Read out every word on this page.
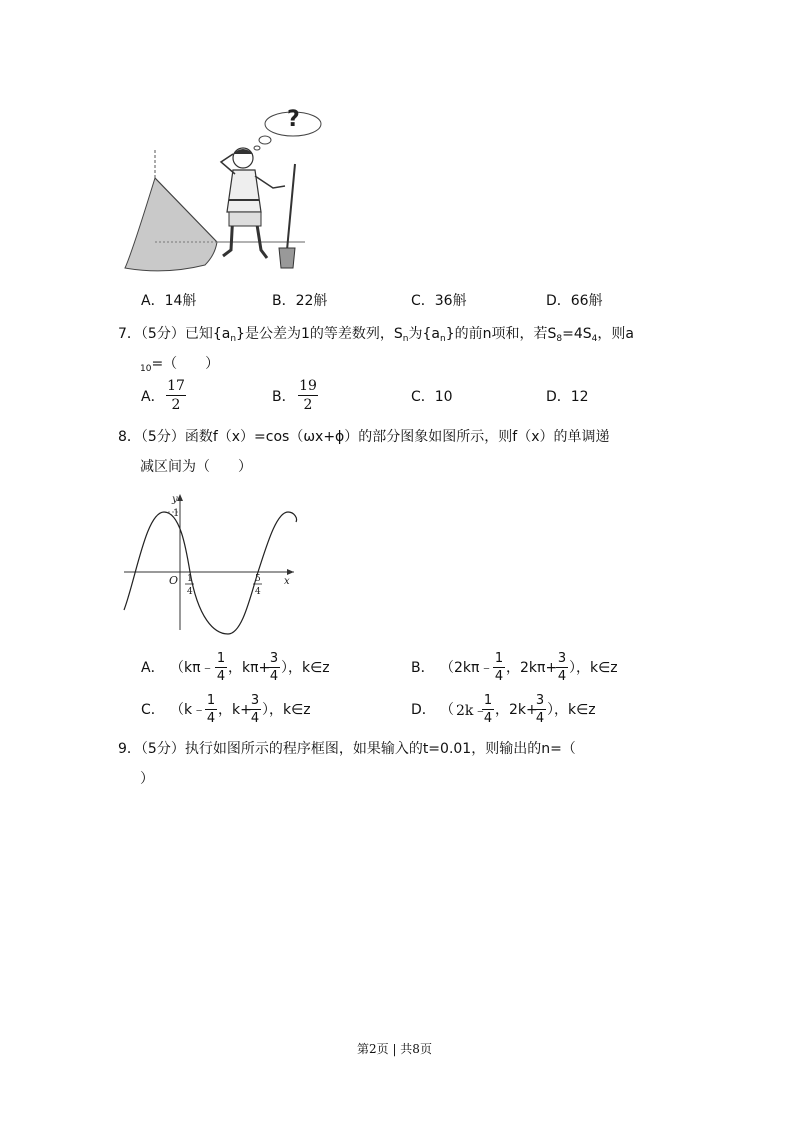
?
A．14斛	B．22斛	C．36斛	D．66斛
7．（5分）已知$\{a_n\}$是公差为1的等差数列，$S_n$为$\{a_n\}$的前n项和，若$S_8=4S_4$，则a
$_{10}$=（　　）
A．
17
2	B．
19
2	C．10	D．12
8．（5分）函数f（x）=cos（ωx+ϕ）的部分图象如图所示，则f（x）的单调递
减区间为（　　）
y
1
O	x
1
4
5
4
A． （kπ﹣
1
4
，kπ+
3
4
），k∈z	B． （2kπ﹣
1
4
，2kπ+
3
4
），k∈z
C． （k﹣
1
4
，k+
3
4
），k∈z	D． （ 2k﹣
1
4
，2k+
3
4
），k∈z
9．（5分）执行如图所示的程序框图，如果输入的t=0.01，则输出的n=（
）
第2页 | 共8页
